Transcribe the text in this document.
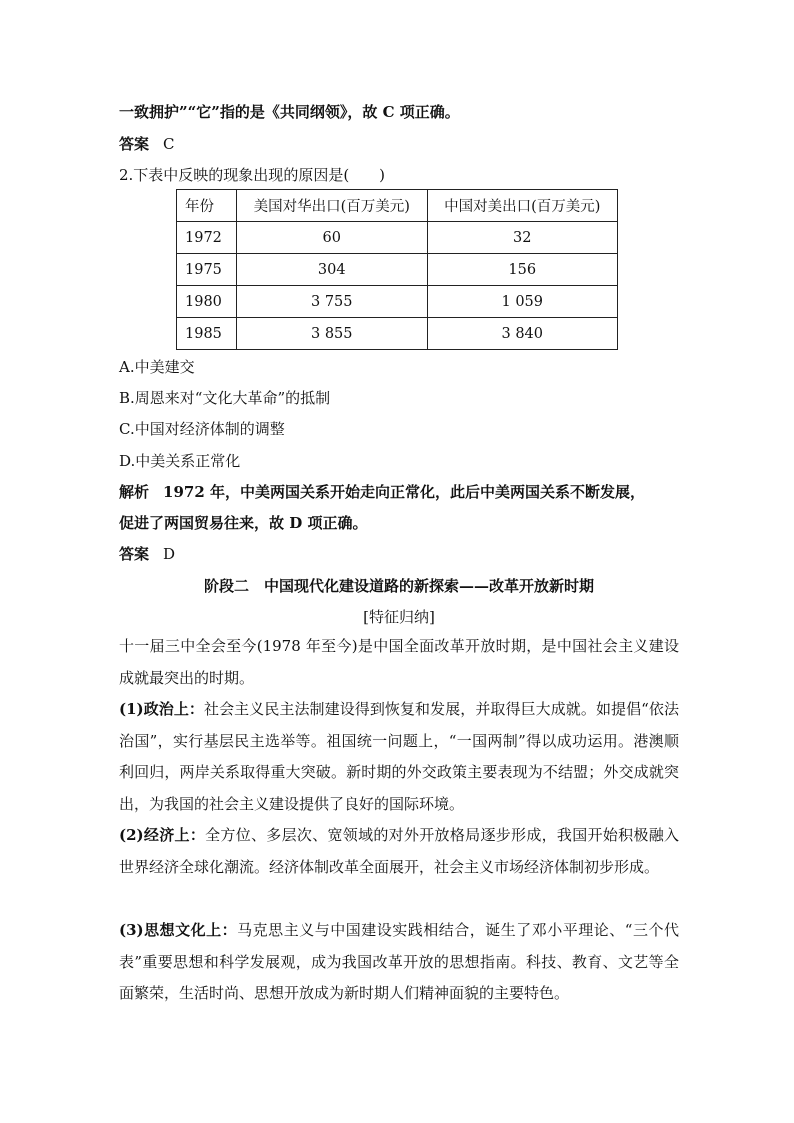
一致拥护”“它”指的是《共同纲领》，故 C 项正确。
答案 C
2.下表中反映的现象出现的原因是(　　)
年份	美国对华出口(百万美元)	中国对美出口(百万美元)
1972	60	32
1975	304	156
1980	3 755	1 059
1985	3 855	3 840
A.中美建交
B.周恩来对“文化大革命”的抵制
C.中国对经济体制的调整
D.中美关系正常化
解析 1972 年，中美两国关系开始走向正常化，此后中美两国关系不断发展，
促进了两国贸易往来，故 D 项正确。
答案 D
阶段二　中国现代化建设道路的新探索——改革开放新时期
[特征归纳]
十一届三中全会至今(1978 年至今)是中国全面改革开放时期，是中国社会主义建设成就最突出的时期。
(1)政治上：社会主义民主法制建设得到恢复和发展，并取得巨大成就。如提倡“依法治国”，实行基层民主选举等。祖国统一问题上，“一国两制”得以成功运用。港澳顺利回归，两岸关系取得重大突破。新时期的外交政策主要表现为不结盟；外交成就突出，为我国的社会主义建设提供了良好的国际环境。
(2)经济上：全方位、多层次、宽领域的对外开放格局逐步形成，我国开始积极融入世界经济全球化潮流。经济体制改革全面展开，社会主义市场经济体制初步形成。
(3)思想文化上：马克思主义与中国建设实践相结合，诞生了邓小平理论、“三个代表”重要思想和科学发展观，成为我国改革开放的思想指南。科技、教育、文艺等全面繁荣，生活时尚、思想开放成为新时期人们精神面貌的主要特色。
